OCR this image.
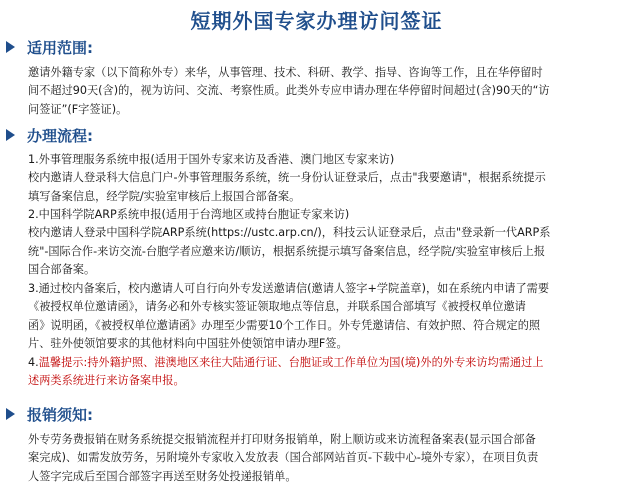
短期外国专家办理访问签证
适用范围:
邀请外籍专家（以下简称外专）来华，从事管理、技术、科研、教学、指导、咨询等工作，且在华停留时
间不超过90天(含)的，视为访问、交流、考察性质。此类外专应申请办理在华停留时间超过(含)90天的“访
问签证”(F字签证)。
办理流程:
1.外事管理服务系统申报(适用于国外专家来访及香港、澳门地区专家来访)
校内邀请人登录科大信息门户-外事管理服务系统，统一身份认证登录后，点击"我要邀请"，根据系统提示
填写备案信息，经学院/实验室审核后上报国合部备案。
2.中国科学院ARP系统申报(适用于台湾地区或持台胞证专家来访)
校内邀请人登录中国科学院ARP系统(https://ustc.arp.cn/)，科技云认证登录后，点击"登录新一代ARP系
统"-国际合作-来访交流-台胞学者应邀来访/顺访，根据系统提示填写备案信息，经学院/实验室审核后上报
国合部备案。
3.通过校内备案后，校内邀请人可自行向外专发送邀请信(邀请人签字+学院盖章)，如在系统内申请了需要
《被授权单位邀请函》，请务必和外专核实签证领取地点等信息，并联系国合部填写《被授权单位邀请
函》说明函，《被授权单位邀请函》办理至少需要10个工作日。外专凭邀请信、有效护照、符合规定的照
片、驻外使领馆要求的其他材料向中国驻外使领馆申请办理F签。
4.温馨提示:持外籍护照、港澳地区来往大陆通行证、台胞证或工作单位为国(境)外的外专来访均需通过上
述两类系统进行来访备案申报。
报销须知:
外专劳务费报销在财务系统提交报销流程并打印财务报销单，附上顺访或来访流程备案表(显示国合部备
案完成)、如需发放劳务，另附境外专家收入发放表（国合部网站首页-下载中心-境外专家），在项目负责
人签字完成后至国合部签字再送至财务处投递报销单。
